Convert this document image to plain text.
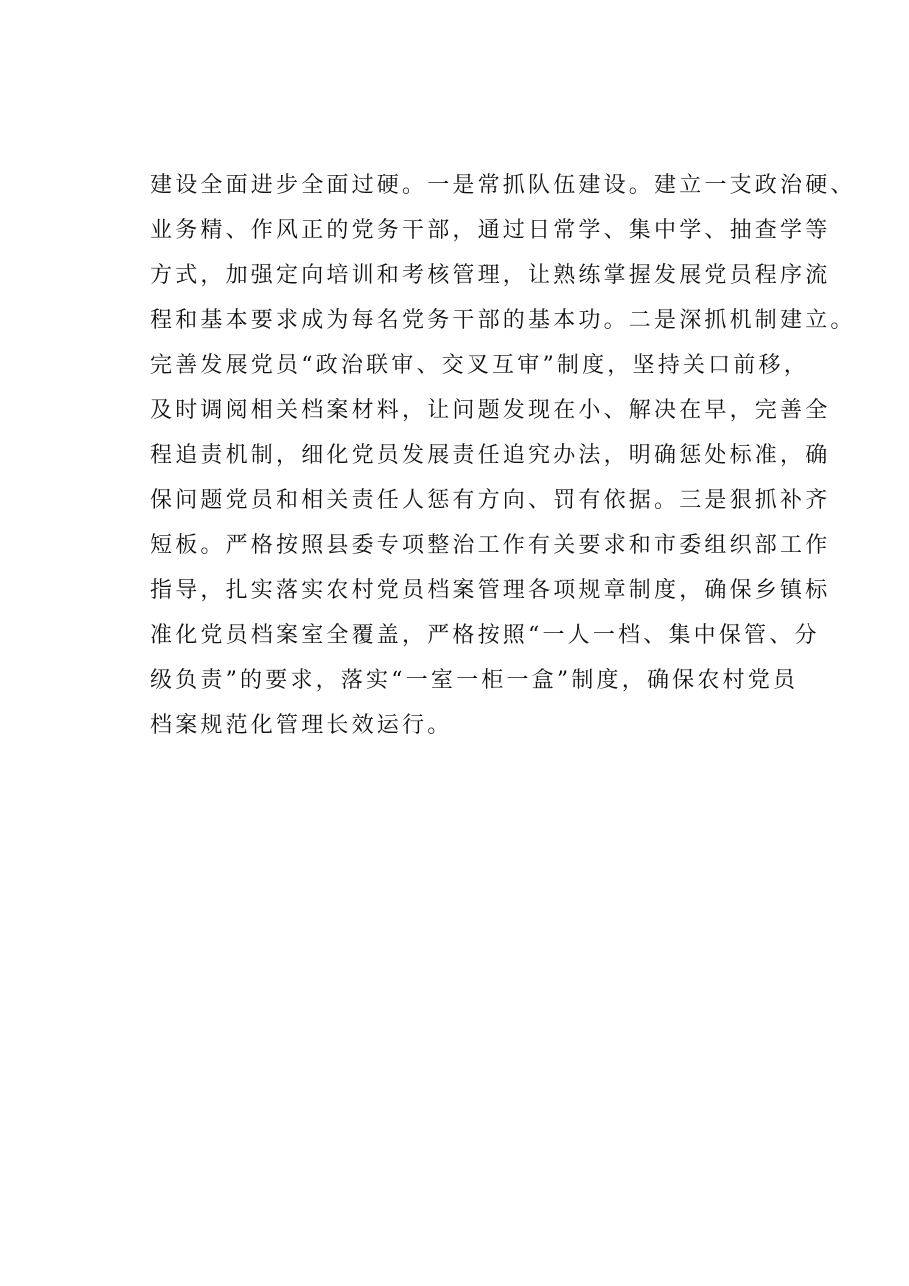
建设全面进步全面过硬。一是常抓队伍建设。建立一支政治硬、
业务精、作风正的党务干部，通过日常学、集中学、抽查学等
方式，加强定向培训和考核管理，让熟练掌握发展党员程序流
程和基本要求成为每名党务干部的基本功。二是深抓机制建立。
完善发展党员“政治联审、交叉互审”制度，坚持关口前移，
及时调阅相关档案材料，让问题发现在小、解决在早，完善全
程追责机制，细化党员发展责任追究办法，明确惩处标准，确
保问题党员和相关责任人惩有方向、罚有依据。三是狠抓补齐
短板。严格按照县委专项整治工作有关要求和市委组织部工作
指导，扎实落实农村党员档案管理各项规章制度，确保乡镇标
准化党员档案室全覆盖，严格按照“一人一档、集中保管、分
级负责”的要求，落实“一室一柜一盒”制度，确保农村党员
档案规范化管理长效运行。
